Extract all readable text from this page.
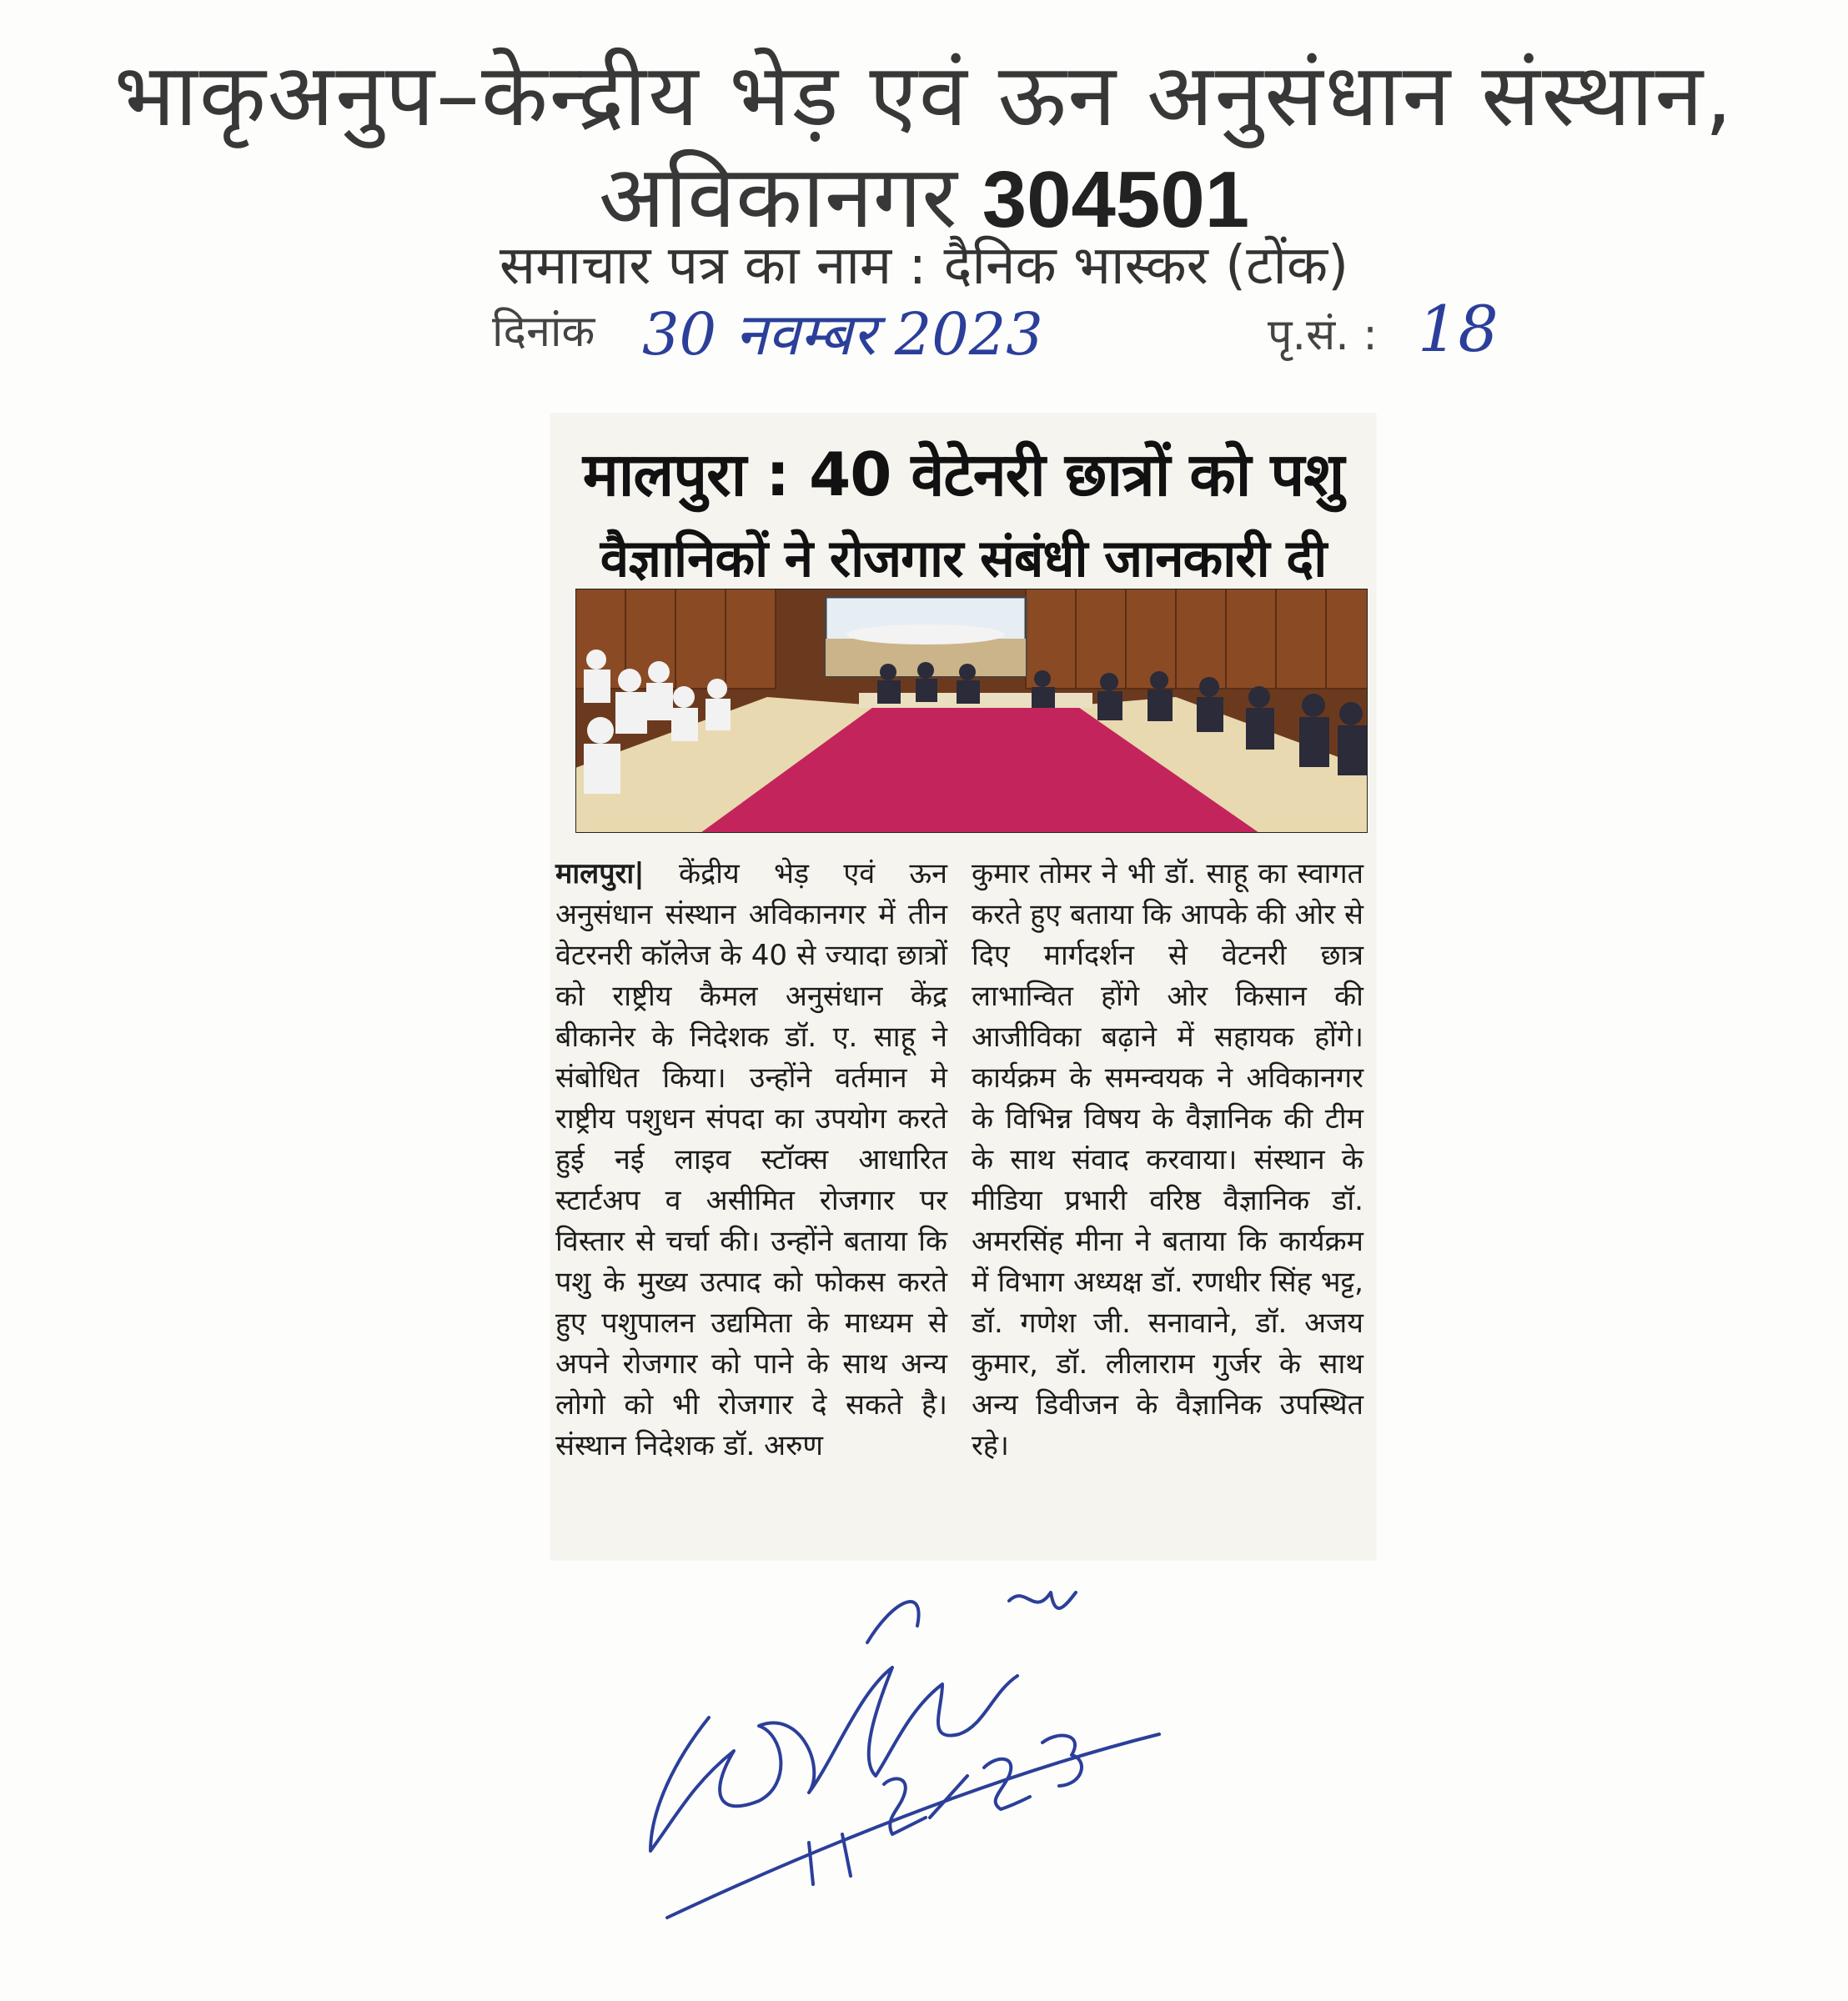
भाकृअनुप–केन्द्रीय भेड़ एवं ऊन अनुसंधान संस्थान,
अविकानगर 304501
समाचार पत्र का नाम : दैनिक भास्कर (टोंक)
दिनांक 30 नवम्बर 2023	पृ.सं. : 18
मालपुरा : 40 वेटेनरी छात्रों को पशु
वैज्ञानिकों ने रोजगार संबंधी जानकारी दी
मालपुरा| केंद्रीय भेड़ एवं ऊन अनुसंधान संस्थान अविकानगर में तीन वेटरनरी कॉलेज के 40 से ज्यादा छात्रों को राष्ट्रीय कैमल अनुसंधान केंद्र बीकानेर के निदेशक डॉ. ए. साहू ने संबोधित किया। उन्होंने वर्तमान मे राष्ट्रीय पशुधन संपदा का उपयोग करते हुई नई लाइव स्टॉक्स आधारित स्टार्टअप व असीमित रोजगार पर विस्तार से चर्चा की। उन्होंने बताया कि पशु के मुख्य उत्पाद को फोकस करते हुए पशुपालन उद्यमिता के माध्यम से अपने रोजगार को पाने के साथ अन्य लोगो को भी रोजगार दे सकते है। संस्थान निदेशक डॉ. अरुण
कुमार तोमर ने भी डॉ. साहू का स्वागत करते हुए बताया कि आपके की ओर से दिए मार्गदर्शन से वेटनरी छात्र लाभान्वित होंगे ओर किसान की आजीविका बढ़ाने में सहायक होंगे। कार्यक्रम के समन्वयक ने अविकानगर के विभिन्न विषय के वैज्ञानिक की टीम के साथ संवाद करवाया। संस्थान के मीडिया प्रभारी वरिष्ठ वैज्ञानिक डॉ. अमरसिंह मीना ने बताया कि कार्यक्रम में विभाग अध्यक्ष डॉ. रणधीर सिंह भट्ट, डॉ. गणेश जी. सनावाने, डॉ. अजय कुमार, डॉ. लीलाराम गुर्जर के साथ अन्य डिवीजन के वैज्ञानिक उपस्थित रहे।
